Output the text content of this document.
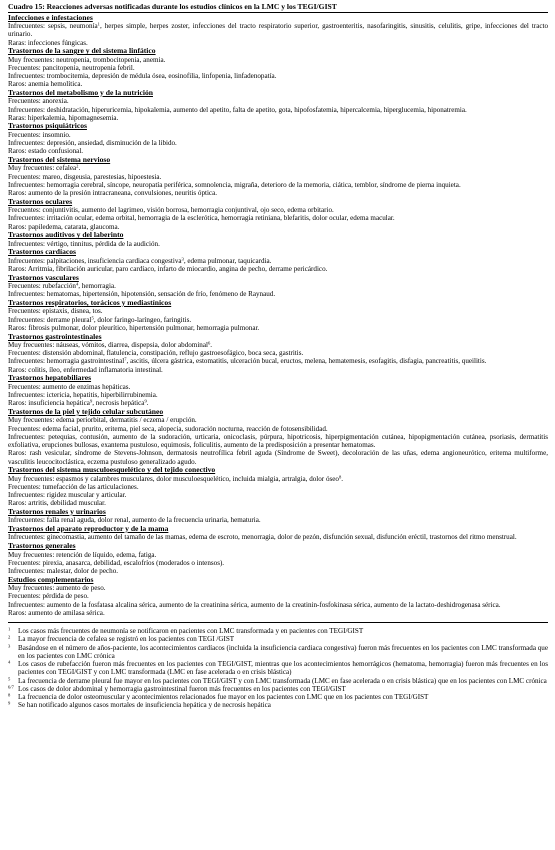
Cuadro 15: Reacciones adversas notificadas durante los estudios clínicos en la LMC y los TEGI/GIST
Infecciones e infestaciones
Infrecuentes: sepsis, neumonía$^1$, herpes simple, herpes zoster, infecciones del tracto respiratorio superior, gastroenteritis, nasofaringitis, sinusitis, celulitis, gripe, infecciones del tracto urinario.
Raras: infecciones fúngicas.
Trastornos de la sangre y del sistema linfático
Muy frecuentes: neutropenia, trombocitopenia, anemia.
Frecuentes: pancitopenia, neutropenia febril.
Infrecuentes: trombocitemia, depresión de médula ósea, eosinofilia, linfopenia, linfadenopatía.
Raros: anemia hemolítica.
Trastornos del metabolismo y de la nutrición
Frecuentes: anorexia.
Infrecuentes: deshidratación, hiperuricemia, hipokalemia, aumento del apetito, falta de apetito, gota, hipofosfatemia, hipercalcemia, hiperglucemia, hiponatremia.
Raras: hiperkalemia, hipomagnesemia.
Trastornos psiquiátricos
Frecuentes: insomnio.
Infrecuentes: depresión, ansiedad, disminución de la libido.
Raros: estado confusional.
Trastornos del sistema nervioso
Muy frecuentes: cefalea$^2$.
Frecuentes: mareo, disgeusia, parestesias, hipoestesia.
Infrecuentes: hemorragia cerebral, síncope, neuropatía periférica, somnolencia, migraña, deterioro de la memoria, ciática, temblor, síndrome de pierna inquieta.
Raros: aumento de la presión intracraneana, convulsiones, neuritis óptica.
Trastornos oculares
Frecuentes: conjuntivitis, aumento del lagrimeo, visión borrosa, hemorragia conjuntival, ojo seco, edema orbitario.
Infrecuentes: irritación ocular, edema orbital, hemorragia de la esclerótica, hemorragia retiniana, blefaritis, dolor ocular, edema macular.
Raros: papiledema, catarata, glaucoma.
Trastornos auditivos y del laberinto
Infrecuentes: vértigo, tinnitus, pérdida de la audición.
Trastornos cardíacos
Infrecuentes: palpitaciones, insuficiencia cardiaca congestiva$^3$, edema pulmonar, taquicardia.
Raros: Arritmia, fibrilación auricular, paro cardíaco, infarto de miocardio, angina de pecho, derrame pericárdico.
Trastornos vasculares
Frecuentes: rubefacción$^4$, hemorragia.
Infrecuentes: hematomas, hipertensión, hipotensión, sensación de frío, fenómeno de Raynaud.
Trastornos respiratorios, torácicos y mediastínicos
Frecuentes: epistaxis, disnea, tos.
Infrecuentes: derrame pleural$^5$, dolor faringo-laríngeo, faringitis.
Raros: fibrosis pulmonar, dolor pleurítico, hipertensión pulmonar, hemorragia pulmonar.
Trastornos gastrointestinales
Muy frecuentes: náuseas, vómitos, diarrea, dispepsia, dolor abdominal$^6$.
Frecuentes: distensión abdominal, flatulencia, constipación, reflujo gastroesofágico, boca seca, gastritis.
Infrecuentes: hemorragia gastrointestinal$^7$, ascitis, úlcera gástrica, estomatitis, ulceración bucal, eructos, melena, hematemesis, esofagitis, disfagia, pancreatitis, queilitis.
Raros: colitis, íleo, enfermedad inflamatoria intestinal.
Trastornos hepatobiliares
Frecuentes: aumento de enzimas hepáticas.
Infrecuentes: ictericia, hepatitis, hiperbilirrubinemia.
Raros: insuficiencia hepática$^9$, necrosis hepática$^9$.
Trastornos de la piel y tejido celular subcutáneo
Muy frecuentes: edema periorbital, dermatitis / eczema / erupción.
Frecuentes: edema facial, prurito, eritema, piel seca, alopecia, sudoración nocturna, reacción de fotosensibilidad.
Infrecuentes: petequias, contusión, aumento de la sudoración, urticaria, onicoclasis, púrpura, hipotricosis, hiperpigmentación cutánea, hipopigmentación cutánea, psoriasis, dermatitis exfoliativa, erupciones bullosas, exantema pustuloso, equimosis, foliculitis, aumento de la predisposición a presentar hematomas.
Raros: rash vesicular, síndrome de Stevens-Johnson, dermatosis neutrofílica febril aguda (Síndrome de Sweet), decoloración de las uñas, edema angioneurótico, eritema multiforme, vasculitis leucocitoclástica, eczema pustuloso generalizado agudo.
Trastornos del sistema musculoesquelético y del tejido conectivo
Muy frecuentes: espasmos y calambres musculares, dolor musculoesquelético, incluida mialgia, artralgia, dolor óseo$^8$.
Frecuentes: tumefacción de las articulaciones.
Infrecuentes: rigidez muscular y articular.
Raros: artritis, debilidad muscular.
Trastornos renales y urinarios
Infrecuentes: falla renal aguda, dolor renal, aumento de la frecuencia urinaria, hematuria.
Trastornos del aparato reproductor y de la mama
Infrecuentes: ginecomastia, aumento del tamaño de las mamas, edema de escroto, menorragia, dolor de pezón, disfunción sexual, disfunción eréctil, trastornos del ritmo menstrual.
Trastornos generales
Muy frecuentes: retención de líquido, edema, fatiga.
Frecuentes: pirexia, anasarca, debilidad, escalofríos (moderados o intensos).
Infrecuentes: malestar, dolor de pecho.
Estudios complementarios
Muy frecuentes: aumento de peso.
Frecuentes: pérdida de peso.
Infrecuentes: aumento de la fosfatasa alcalina sérica, aumento de la creatinina sérica, aumento de la creatinin-fosfokinasa sérica, aumento de la lactato-deshidrogenasa sérica.
Raros: aumento de amilasa sérica.
$^1$	Los casos más frecuentes de neumonía se notificaron en pacientes con LMC transformada y en pacientes con TEGI/GIST
$^2$	La mayor frecuencia de cefalea se registró en los pacientes con TEGI /GIST
$^3$	Basándose en el número de años-paciente, los acontecimientos cardíacos (incluida la insuficiencia cardiaca congestiva) fueron más frecuentes en los pacientes con LMC transformada que en los pacientes con LMC crónica
$^4$	Los casos de rubefacción fueron más frecuentes en los pacientes con TEGI/GIST, mientras que los acontecimientos hemorrágicos (hematoma, hemorragia) fueron más frecuentes en los pacientes con TEGI/GIST y con LMC transformada (LMC en fase acelerada o en crisis blástica)
$^5$	La frecuencia de derrame pleural fue mayor en los pacientes con TEGI/GIST y con LMC transformada (LMC en fase acelerada o en crisis blástica) que en los pacientes con LMC crónica
$^{6/7}$ Los casos de dolor abdominal y hemorragia gastrointestinal fueron más frecuentes en los pacientes con TEGI/GIST
$^8$	La frecuencia de dolor osteomuscular y acontecimientos relacionados fue mayor en los pacientes con LMC que en los pacientes con TEGI/GIST
$^9$	Se han notificado algunos casos mortales de insuficiencia hepática y de necrosis hepática
